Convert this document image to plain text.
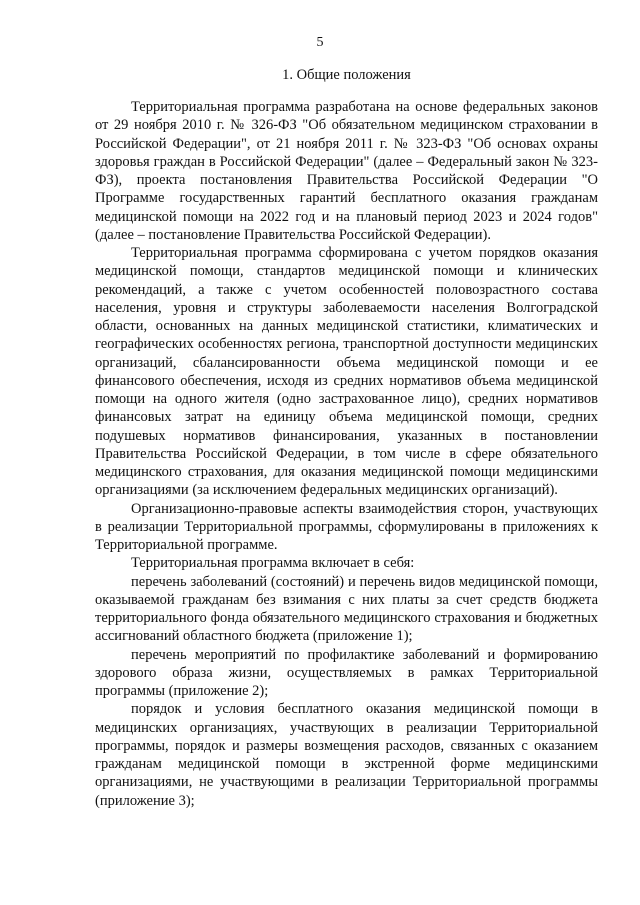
5
1. Общие положения

Территориальная программа разработана на основе федеральных законов от 29 ноября 2010 г. № 326-ФЗ "Об обязательном медицинском страховании в Российской Федерации", от 21 ноября 2011 г. № 323-ФЗ "Об основах охраны здоровья граждан в Российской Федерации" (далее – Федеральный закон № 323-ФЗ), проекта постановления Правительства Российской Федерации "О Программе государственных гарантий бесплатного оказания гражданам медицинской помощи на 2022 год и на плановый период 2023 и 2024 годов" (далее – постановление Правительства Российской Федерации).

Территориальная программа сформирована с учетом порядков оказания медицинской помощи, стандартов медицинской помощи и клинических рекомендаций, а также с учетом особенностей половозрастного состава населения, уровня и структуры заболеваемости населения Волгоградской области, основанных на данных медицинской статистики, климатических и географических особенностях региона, транспортной доступности медицинских организаций, сбалансированности объема медицинской помощи и ее финансового обеспечения, исходя из средних нормативов объема медицинской помощи на одного жителя (одно застрахованное лицо), средних нормативов финансовых затрат на единицу объема медицинской помощи, средних подушевых нормативов финансирования, указанных в постановлении Правительства Российской Федерации, в том числе в сфере обязательного медицинского страхования, для оказания медицинской помощи медицинскими организациями (за исключением федеральных медицинских организаций).

Организационно-правовые аспекты взаимодействия сторон, участвующих в реализации Территориальной программы, сформулированы в приложениях к Территориальной программе.

Территориальная программа включает в себя:

перечень заболеваний (состояний) и перечень видов медицинской помощи, оказываемой гражданам без взимания с них платы за счет средств бюджета территориального фонда обязательного медицинского страхования и бюджетных ассигнований областного бюджета (приложение 1);

перечень мероприятий по профилактике заболеваний и формированию здорового образа жизни, осуществляемых в рамках Территориальной программы (приложение 2);

порядок и условия бесплатного оказания медицинской помощи в медицинских организациях, участвующих в реализации Территориальной программы, порядок и размеры возмещения расходов, связанных с оказанием гражданам медицинской помощи в экстренной форме медицинскими организациями, не участвующими в реализации Территориальной программы (приложение 3);
